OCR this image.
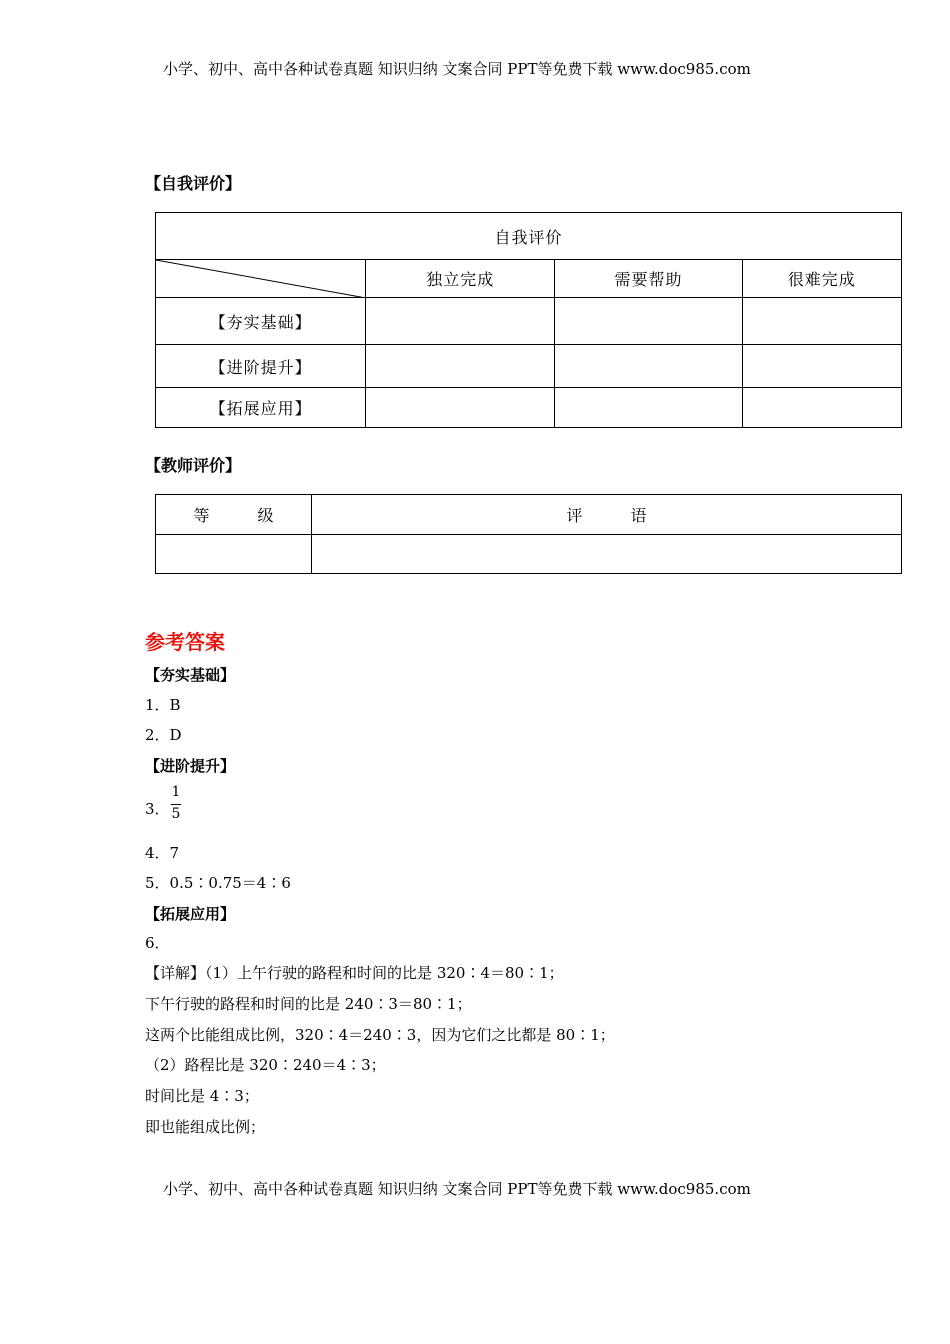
小学、初中、高中各种试卷真题 知识归纳 文案合同 PPT等免费下载 www.doc985.com
【自我评价】
自我评价			

	独立完成	需要帮助	很难完成
【夯实基础】			
【进阶提升】			
【拓展应用】			
【教师评价】
等　　　级	评　　　语

参考答案
【夯实基础】
1．B
2．D
【进阶提升】
3．
1
5
4．7
5．0.5∶0.75＝4∶6
【拓展应用】
6．
【详解】（1）上午行驶的路程和时间的比是 320∶4＝80∶1；
下午行驶的路程和时间的比是 240∶3＝80∶1；
这两个比能组成比例，320∶4＝240∶3，因为它们之比都是 80∶1；
（2）路程比是 320∶240＝4∶3；
时间比是 4∶3；
即也能组成比例；
小学、初中、高中各种试卷真题 知识归纳 文案合同 PPT等免费下载 www.doc985.com
